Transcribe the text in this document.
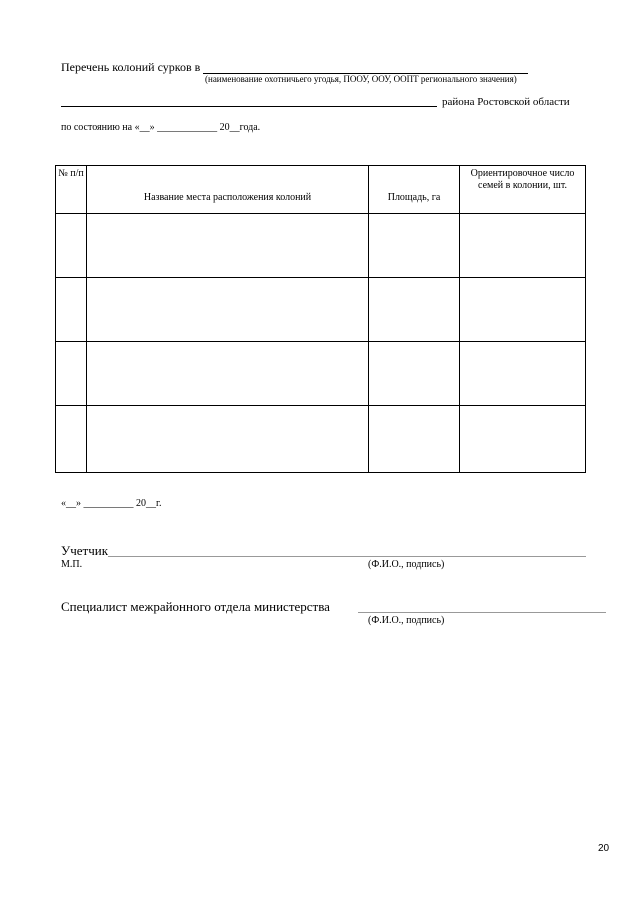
Перечень колоний сурков в
(наименование охотничьего угодья, ПООУ, ООУ, ООПТ регионального значения)
района Ростовской области
по состоянию на «__» ____________ 20__года.
№ п/п	Название места расположения колоний	Площадь, га	Ориентировочное число семей в колонии, шт.

«__» __________ 20__г.
Учетчик
М.П.	(Ф.И.О., подпись)
Специалист межрайонного отдела министерства
(Ф.И.О., подпись)
20
